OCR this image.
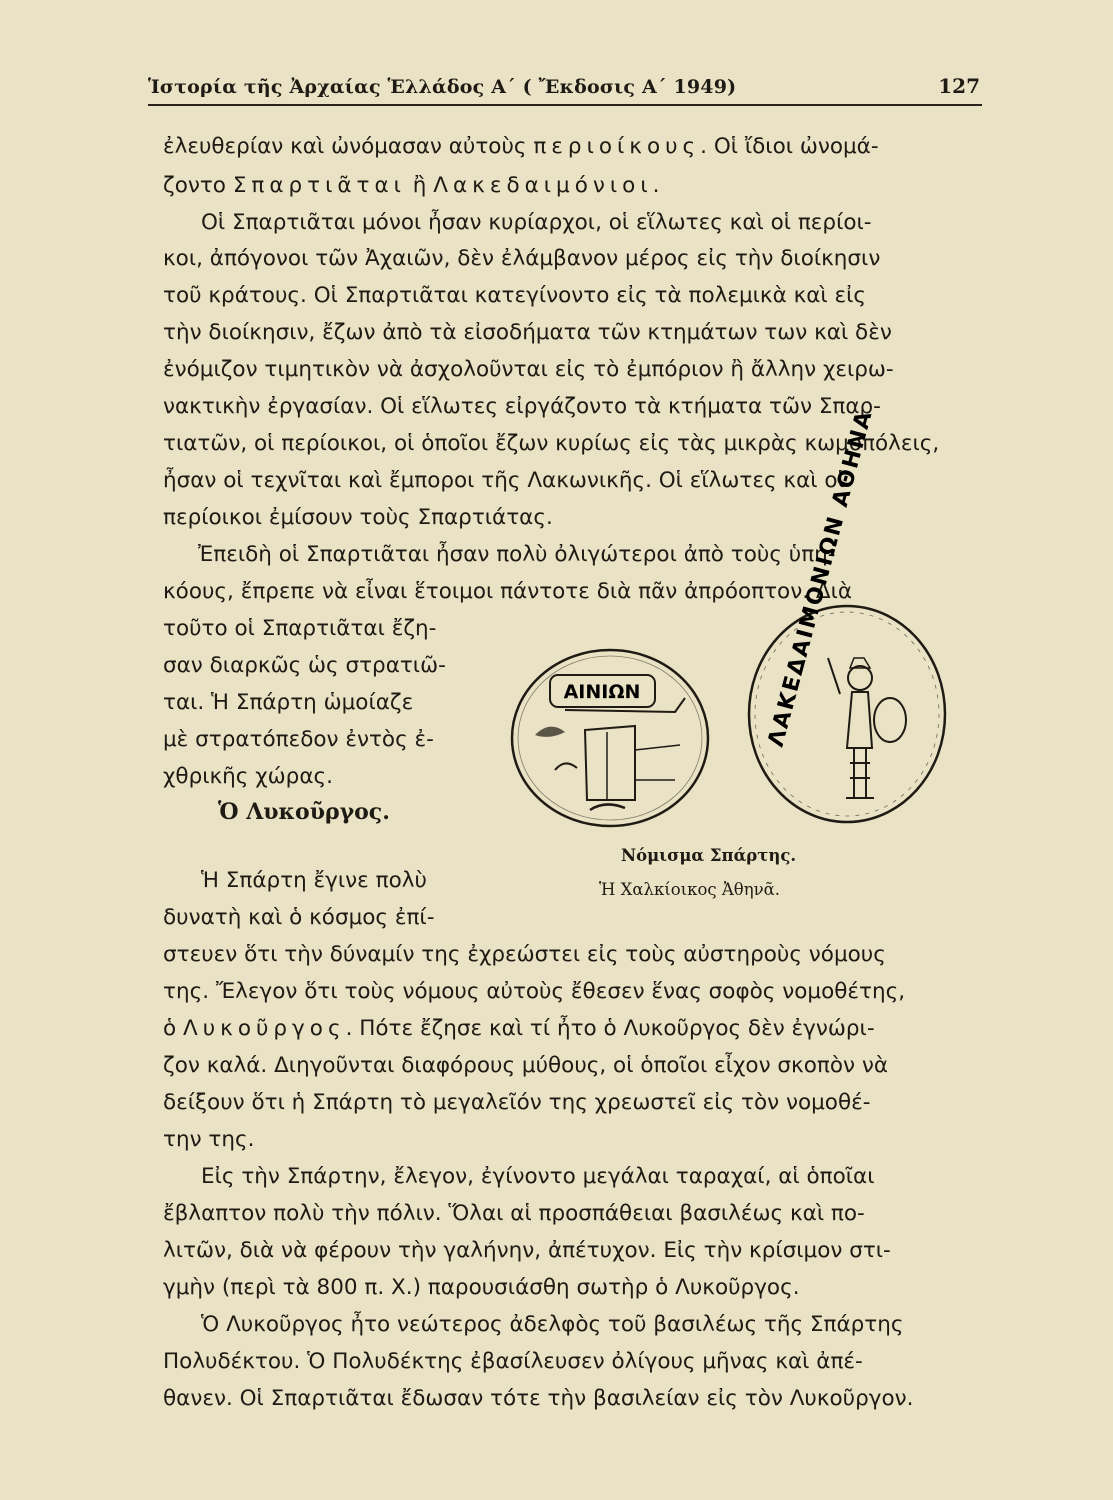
Ἱστορία τῆς Ἀρχαίας Ἑλλάδος Α΄ ( Ἔκδοσις Α΄ 1949)	127
ἐλευθερίαν καὶ ὠνόμασαν αὐτοὺς περιοίκους. Οἱ ἴδιοι ὠνομά-
ζοντο Σπαρτιᾶται ἢ Λακεδαιμόνιοι.
Οἱ Σπαρτιᾶται μόνοι ἦσαν κυρίαρχοι, οἱ εἵλωτες καὶ οἱ περίοι-
κοι, ἀπόγονοι τῶν Ἀχαιῶν, δὲν ἐλάμβανον μέρος εἰς τὴν διοίκησιν
τοῦ κράτους. Οἱ Σπαρτιᾶται κατεγίνοντο εἰς τὰ πολεμικὰ καὶ εἰς
τὴν διοίκησιν, ἔζων ἀπὸ τὰ εἰσοδήματα τῶν κτημάτων των καὶ δὲν
ἐνόμιζον τιμητικὸν νὰ ἀσχολοῦνται εἰς τὸ ἐμπόριον ἢ ἄλλην χειρω-
νακτικὴν ἐργασίαν. Οἱ εἵλωτες εἰργάζοντο τὰ κτήματα τῶν Σπαρ-
τιατῶν, οἱ περίοικοι, οἱ ὁποῖοι ἔζων κυρίως εἰς τὰς μικρὰς κωμοπόλεις,
ἦσαν οἱ τεχνῖται καὶ ἔμποροι τῆς Λακωνικῆς. Οἱ εἵλωτες καὶ οἱ
περίοικοι ἐμίσουν τοὺς Σπαρτιάτας.
Ἐπειδὴ οἱ Σπαρτιᾶται ἦσαν πολὺ ὀλιγώτεροι ἀπὸ τοὺς ὑπη-
κόους, ἔπρεπε νὰ εἶναι ἕτοιμοι πάντοτε διὰ πᾶν ἀπρόοπτον. Διὰ
τοῦτο οἱ Σπαρτιᾶται ἔζη-
σαν διαρκῶς ὡς στρατιῶ-
ται. Ἡ Σπάρτη ὡμοίαζε
μὲ στρατόπεδον ἐντὸς ἐ-
χθρικῆς χώρας.
Ὁ Λυκοῦργος.
Ἡ Σπάρτη ἔγινε πολὺ
δυνατὴ καὶ ὁ κόσμος ἐπί-
στευεν ὅτι τὴν δύναμίν της ἐχρεώστει εἰς τοὺς αὐστηροὺς νόμους
της. Ἔλεγον ὅτι τοὺς νόμους αὐτοὺς ἔθεσεν ἕνας σοφὸς νομοθέτης,
ὁ Λυκοῦργος. Πότε ἔζησε καὶ τί ἦτο ὁ Λυκοῦργος δὲν ἐγνώρι-
ζον καλά. Διηγοῦνται διαφόρους μύθους, οἱ ὁποῖοι εἶχον σκοπὸν νὰ
δείξουν ὅτι ἡ Σπάρτη τὸ μεγαλεῖόν της χρεωστεῖ εἰς τὸν νομοθέ-
την της.
Εἰς τὴν Σπάρτην, ἔλεγον, ἐγίνοντο μεγάλαι ταραχαί, αἱ ὁποῖαι
ἔβλαπτον πολὺ τὴν πόλιν. Ὅλαι αἱ προσπάθειαι βασιλέως καὶ πο-
λιτῶν, διὰ νὰ φέρουν τὴν γαλήνην, ἀπέτυχον. Εἰς τὴν κρίσιμον στι-
γμὴν (περὶ τὰ 800 π. Χ.) παρουσιάσθη σωτὴρ ὁ Λυκοῦργος.
Ὁ Λυκοῦργος ἦτο νεώτερος ἀδελφὸς τοῦ βασιλέως τῆς Σπάρτης
Πολυδέκτου. Ὁ Πολυδέκτης ἐβασίλευσεν ὀλίγους μῆνας καὶ ἀπέ-
θανεν. Οἱ Σπαρτιᾶται ἔδωσαν τότε τὴν βασιλείαν εἰς τὸν Λυκοῦργον.
ΑΙΝΙΩΝ	ΛΑΚΕΔΑΙΜΟΝΙΩΝ ΑΘΗΝΑ
Νόμισμα Σπάρτης.
Ἡ Χαλκίοικος Ἀθηνᾶ.
